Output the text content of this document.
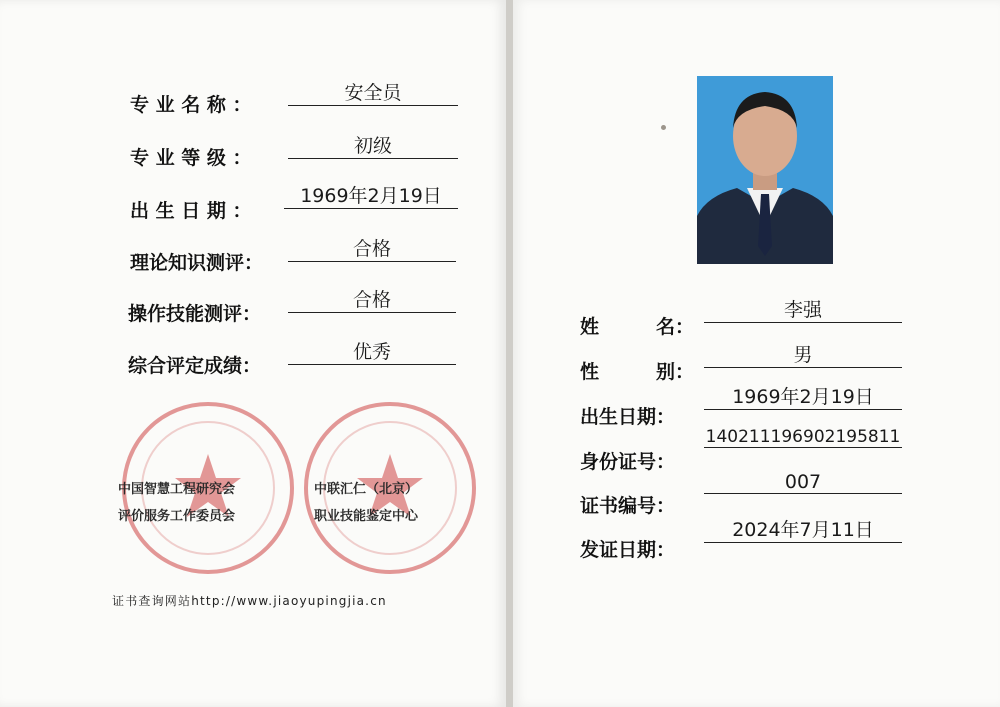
专 业 名 称 ：
安全员
专 业 等 级 ：
初级
出 生 日 期 ：
1969年2月19日
理论知识测评：
合格
操作技能测评：
合格
综合评定成绩：
优秀
中国智慧工程研究会
评价服务工作委员会
中联汇仁（北京）
职业技能鉴定中心
证书查询网站http://www.jiaoyupingjia.cn
姓　　　名：
李强
性　　　别：
男
出生日期：
1969年2月19日
身份证号：
140211196902195811
证书编号：
007
发证日期：
2024年7月11日
